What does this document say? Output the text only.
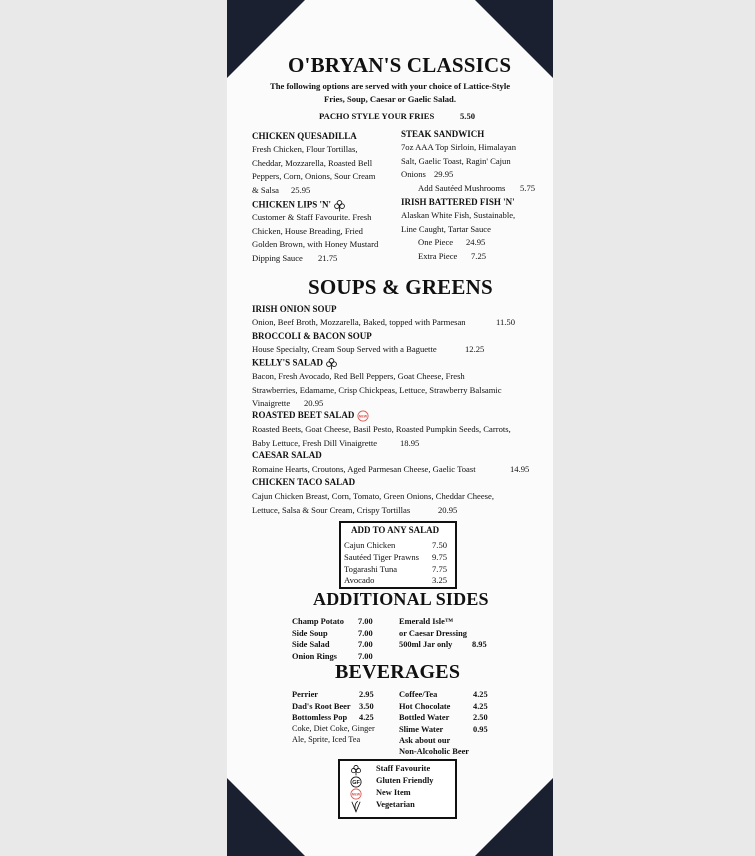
O'BRYAN'S CLASSICS
The following options are served with your choice of Lattice-Style
Fries, Soup, Caesar or Gaelic Salad.
PACHO STYLE YOUR FRIES	5.50
CHICKEN QUESADILLA
Fresh Chicken, Flour Tortillas,
Cheddar, Mozzarella, Roasted Bell
Peppers, Corn, Onions, Sour Cream
& Salsa 25.95
CHICKEN LIPS 'N'
Customer & Staff Favourite. Fresh
Chicken, House Breading, Fried
Golden Brown, with Honey Mustard
Dipping Sauce 21.75
STEAK SANDWICH
7oz AAA Top Sirloin, Himalayan
Salt, Gaelic Toast, Ragin' Cajun
Onions 29.95
Add Sautéed Mushrooms 5.75
IRISH BATTERED FISH 'N'
Alaskan White Fish, Sustainable,
Line Caught, Tartar Sauce
One Piece 24.95
Extra Piece 7.25
SOUPS & GREENS
IRISH ONION SOUP
Onion, Beef Broth, Mozzarella, Baked, topped with Parmesan	11.50
BROCCOLI & BACON SOUP
House Specialty, Cream Soup Served with a Baguette	12.25
KELLY'S SALAD
Bacon, Fresh Avocado, Red Bell Peppers, Goat Cheese, Fresh
Strawberries, Edamame, Crisp Chickpeas, Lettuce, Strawberry Balsamic
Vinaigrette 20.95
ROASTED BEET SALAD NEW
Roasted Beets, Goat Cheese, Basil Pesto, Roasted Pumpkin Seeds, Carrots,
Baby Lettuce, Fresh Dill Vinaigrette	18.95
CAESAR SALAD
Romaine Hearts, Croutons, Aged Parmesan Cheese, Gaelic Toast	14.95
CHICKEN TACO SALAD
Cajun Chicken Breast, Corn, Tomato, Green Onions, Cheddar Cheese,
Lettuce, Salsa & Sour Cream, Crispy Tortillas	20.95
ADD TO ANY SALAD
Cajun Chicken	7.50
Sautéed Tiger Prawns 9.75
Togarashi Tuna	7.75
Avocado	3.25
ADDITIONAL SIDES
Champ Potato 7.00
Side Soup	7.00
Side Salad	7.00
Onion Rings	7.00
Emerald Isle™
or Caesar Dressing
500ml Jar only 8.95
BEVERAGES
Perrier	2.95
Dad's Root Beer 3.50
Bottomless Pop 4.25
Coke, Diet Coke, Ginger
Ale, Sprite, Iced Tea
Coffee/Tea	4.25
Hot Chocolate	4.25
Bottled Water	2.50
Slime Water	0.95
Ask about our
Non-Alcoholic Beer
Staff Favourite
GF Gluten Friendly
NEW New Item
Vegetarian
